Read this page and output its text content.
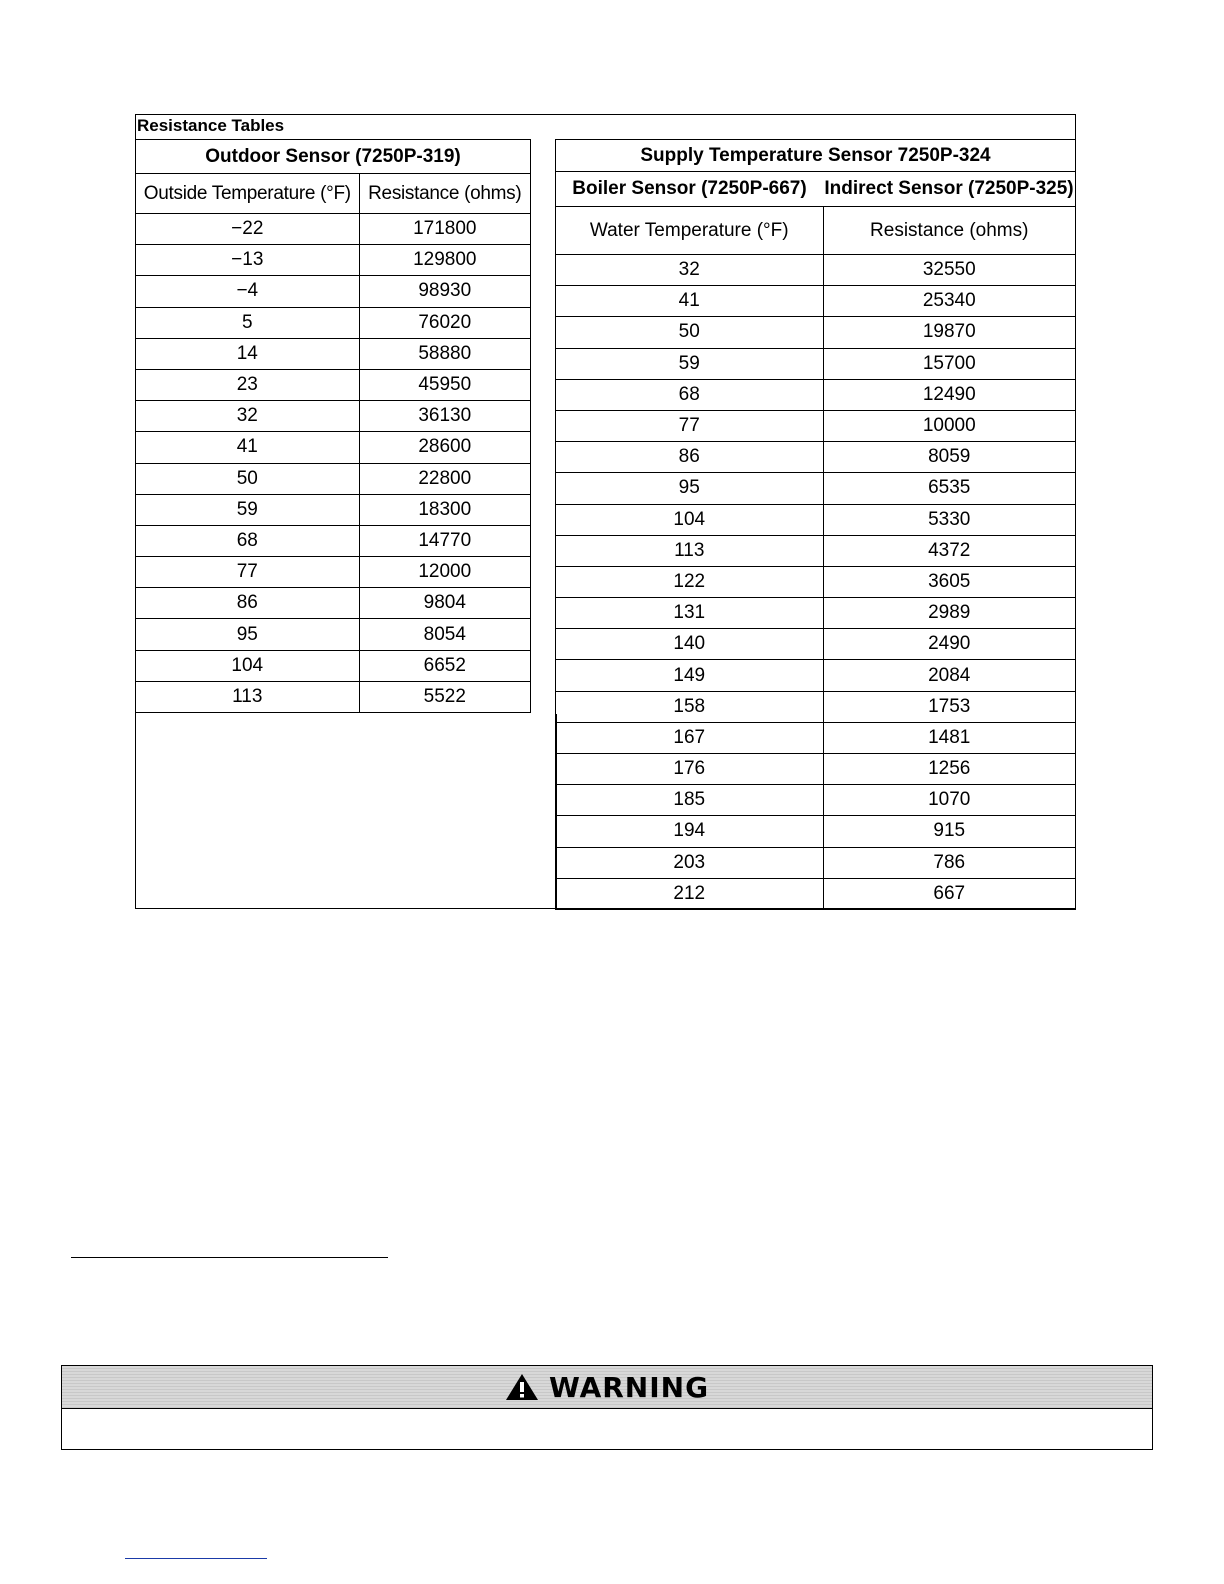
Resistance Tables
Outdoor Sensor (7250P-319)	
Outside Temperature (°F)	Resistance (ohms)
−22	171800
−13	129800
−4	98930
5	76020
14	58880
23	45950
32	36130
41	28600
50	22800
59	18300
68	14770
77	12000
86	9804
95	8054
104	6652
113	5522
Supply Temperature Sensor 7250P-324	
Boiler Sensor (7250P-667)	Indirect Sensor (7250P-325)
Water Temperature (°F)	Resistance (ohms)
32	32550
41	25340
50	19870
59	15700
68	12490
77	10000
86	8059
95	6535
104	5330
113	4372
122	3605
131	2989
140	2490
149	2084
158	1753
167	1481
176	1256
185	1070
194	915
203	786
212	667
WARNING
